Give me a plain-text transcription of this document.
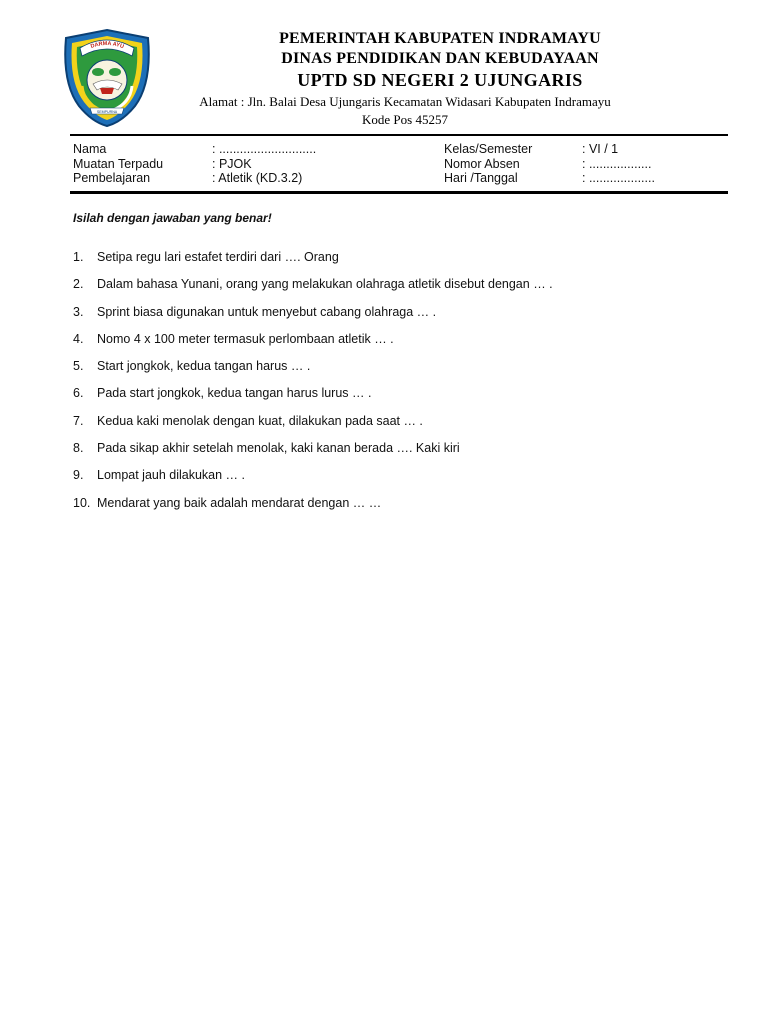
DARMA AYU
SEMPURNA
PEMERINTAH KABUPATEN INDRAMAYU
DINAS PENDIDIKAN DAN KEBUDAYAAN
UPTD SD NEGERI 2 UJUNGARIS
Alamat : Jln. Balai Desa Ujungaris Kecamatan Widasari Kabupaten Indramayu
Kode Pos 45257
Nama	: ............................	Kelas/Semester	: VI / 1
Muatan Terpadu	: PJOK	Nomor Absen	: ..................
Pembelajaran	: Atletik (KD.3.2)	Hari /Tanggal	: ...................
Isilah dengan jawaban yang benar!
1. Setipa regu lari estafet terdiri dari …. Orang
2. Dalam bahasa Yunani, orang yang melakukan olahraga atletik disebut dengan … .
3. Sprint biasa digunakan untuk menyebut cabang olahraga … .
4. Nomo 4 x 100 meter termasuk perlombaan atletik … .
5. Start jongkok, kedua tangan harus … .
6. Pada start jongkok, kedua tangan harus lurus … .
7. Kedua kaki menolak dengan kuat, dilakukan pada saat … .
8. Pada sikap akhir setelah menolak, kaki kanan berada …. Kaki kiri
9. Lompat jauh dilakukan … .
10. Mendarat yang baik adalah mendarat dengan … …
